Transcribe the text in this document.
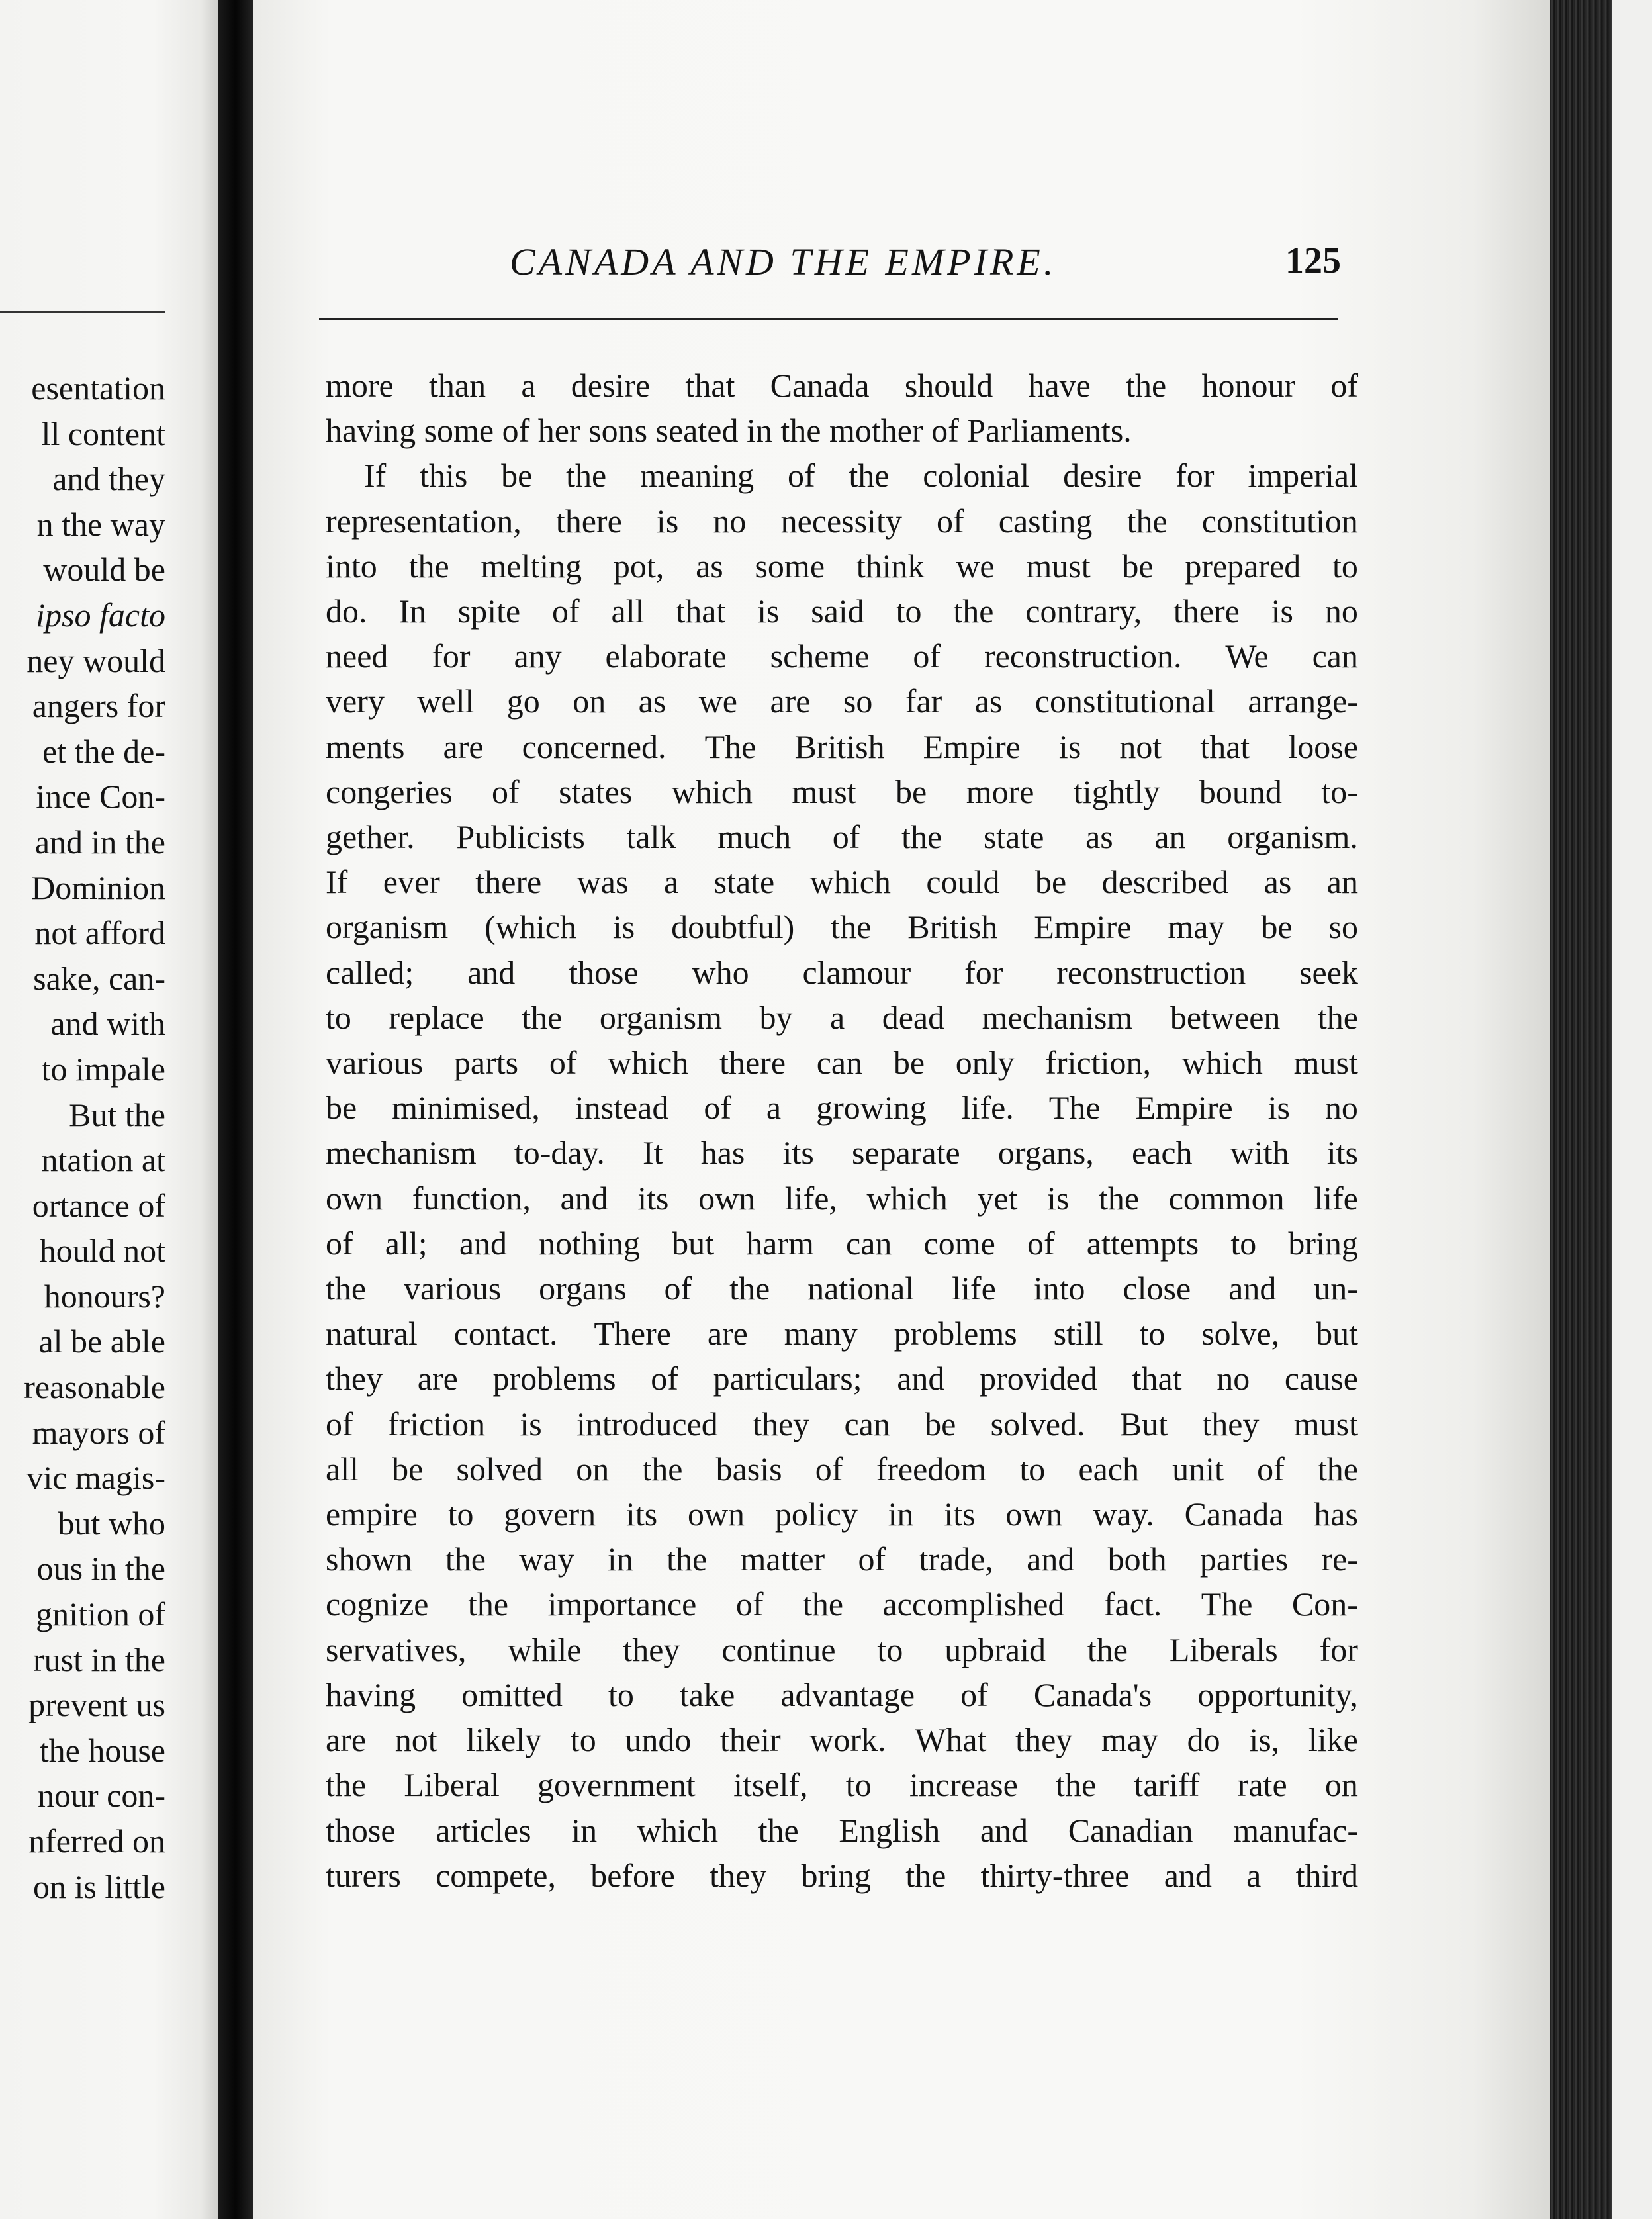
esentation
ll content
and they
n the way
would be
ipso facto
ney would
angers for
et the de-
ince Con-
and in the
Dominion
not afford
sake, can-
and with
to impale
But the
ntation at
ortance of
hould not
honours?
al be able
reasonable
mayors of
vic magis-
but who
ous in the
gnition of
rust in the
prevent us
the house
nour con-
nferred on
on is little
CANADA AND THE EMPIRE.	125
more than a desire that Canada should have the honour of
having some of her sons seated in the mother of Parliaments.
If this be the meaning of the colonial desire for imperial
representation, there is no necessity of casting the constitution
into the melting pot, as some think we must be prepared to
do. In spite of all that is said to the contrary, there is no
need for any elaborate scheme of reconstruction. We can
very well go on as we are so far as constitutional arrange-
ments are concerned. The British Empire is not that loose
congeries of states which must be more tightly bound to-
gether. Publicists talk much of the state as an organism.
If ever there was a state which could be described as an
organism (which is doubtful) the British Empire may be so
called; and those who clamour for reconstruction seek
to replace the organism by a dead mechanism between the
various parts of which there can be only friction, which must
be minimised, instead of a growing life. The Empire is no
mechanism to-day. It has its separate organs, each with its
own function, and its own life, which yet is the common life
of all; and nothing but harm can come of attempts to bring
the various organs of the national life into close and un-
natural contact. There are many problems still to solve, but
they are problems of particulars; and provided that no cause
of friction is introduced they can be solved. But they must
all be solved on the basis of freedom to each unit of the
empire to govern its own policy in its own way. Canada has
shown the way in the matter of trade, and both parties re-
cognize the importance of the accomplished fact. The Con-
servatives, while they continue to upbraid the Liberals for
having omitted to take advantage of Canada's opportunity,
are not likely to undo their work. What they may do is, like
the Liberal government itself, to increase the tariff rate on
those articles in which the English and Canadian manufac-
turers compete, before they bring the thirty-three and a third
